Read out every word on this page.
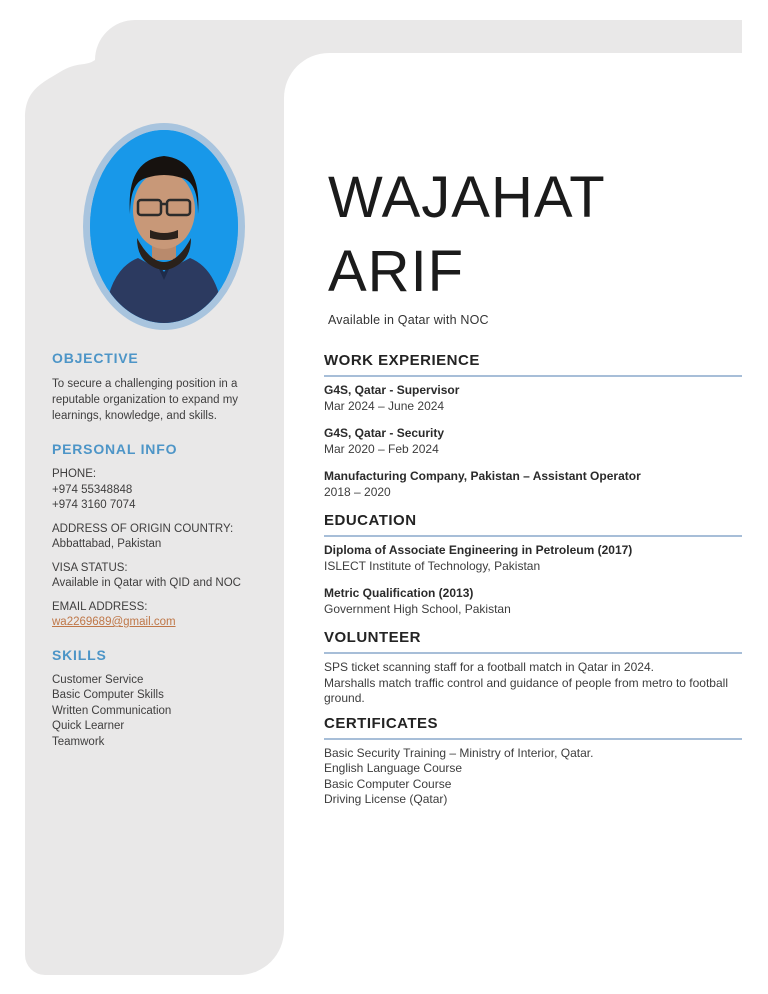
WAJAHAT
ARIF
Available in Qatar with NOC
OBJECTIVE

To secure a challenging position in a reputable organization to expand my learnings, knowledge, and skills.

PERSONAL INFO
PHONE:
+974 55348848
+974 3160 7074
ADDRESS OF ORIGIN COUNTRY:
Abbattabad, Pakistan
VISA STATUS:
Available in Qatar with QID and NOC
EMAIL ADDRESS:
wa2269689@gmail.com
SKILLS
Customer Service
Basic Computer Skills
Written Communication
Quick Learner
Teamwork
WORK EXPERIENCE
G4S, Qatar - Supervisor
Mar 2024 – June 2024
G4S, Qatar - Security
Mar 2020 – Feb 2024
Manufacturing Company, Pakistan – Assistant Operator
2018 – 2020
EDUCATION
Diploma of Associate Engineering in Petroleum (2017)
ISLECT Institute of Technology, Pakistan
Metric Qualification (2013)
Government High School, Pakistan
VOLUNTEER

SPS ticket scanning staff for a football match in Qatar in 2024.

Marshalls match traffic control and guidance of people from metro to football ground.

CERTIFICATES
Basic Security Training – Ministry of Interior, Qatar.
English Language Course
Basic Computer Course
Driving License (Qatar)
